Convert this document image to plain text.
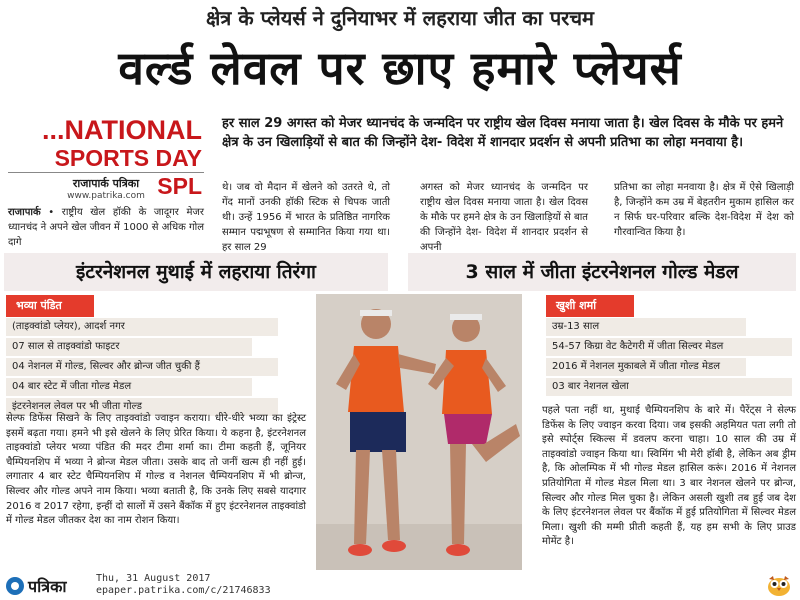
क्षेत्र के प्लेयर्स ने दुनियाभर में लहराया जीत का परचम
वर्ल्ड लेवल पर छाए हमारे प्लेयर्स
...NATIONAL
SPORTS DAY SPL
हर साल 29 अगस्त को मेजर ध्यानचंद के जन्मदिन पर राष्ट्रीय खेल दिवस मनाया जाता है। खेल दिवस के मौके पर हमने क्षेत्र के उन खिलाड़ियों से बात की जिन्होंने देश- विदेश में शानदार प्रदर्शन से अपनी प्रतिभा का लोहा मनवाया है।
राजापार्क पत्रिका
www.patrika.com
राजापार्क • राष्ट्रीय खेल हॉकी के जादूगर मेजर ध्यानचंद ने अपने खेल जीवन में 1000 से अधिक गोल दागे
थे। जब वो मैदान में खेलने को उतरते थे, तो गेंद मानों उनकी हॉकी स्टिक से चिपक जाती थी। उन्हें 1956 में भारत के प्रतिष्ठित नागरिक सम्मान पद्मभूषण से सम्मानित किया गया था। हर साल 29
अगस्त को मेजर ध्यानचंद के जन्मदिन पर राष्ट्रीय खेल दिवस मनाया जाता है। खेल दिवस के मौके पर हमने क्षेत्र के उन खिलाड़ियों से बात की जिन्होंने देश- विदेश में शानदार प्रदर्शन से अपनी
प्रतिभा का लोहा मनवाया है। क्षेत्र में ऐसे खिलाड़ी है, जिन्होंने कम उम्र में बेहतरीन मुकाम हासिल कर न सिर्फ घर-परिवार बल्कि देश-विदेश में देश को गौरवान्वित किया है।
इंटरनेशनल मुथाई में लहराया तिरंगा	3 साल में जीता इंटरनेशनल गोल्ड मेडल
भव्या पंडित	खुशी शर्मा
(ताइक्वांडो प्लेयर), आदर्श नगर
07 साल से ताइक्वांडो फाइटर
04 नेशनल में गोल्ड, सिल्वर और ब्रोन्ज जीत चुकी हैं
04 बार स्टेट में जीता गोल्ड मेडल
इंटरनेशनल लेवल पर भी जीता गोल्ड
उम्र-13 साल
54-57 किग्रा वेट कैटेगरी में जीता सिल्वर मेडल
2016 में नेशनल मुकाबले में जीता गोल्ड मेडल
03 बार नेशनल खेला
सेल्फ डिफेंस सिखने के लिए ताइक्वांडो ज्वाइन कराया। धीरे-धीरे भव्या का इंट्रेस्ट इसमें बढ़ता गया। हमने भी इसे खेलने के लिए प्रेरित किया। ये कहना है, इंटरनेशनल ताइक्वांडो प्लेयर भव्या पंडित की मदर टीमा शर्मा का। टीमा कहती हैं, जूनियर चैम्पियनशिप में भव्या ने ब्रोन्ज मेडल जीता। उसके बाद तो जनीं खत्म ही नहीं हुई। लगातार 4 बार स्टेट चैम्पियनशिप में गोल्ड व नेशनल चैम्पियनशिप में भी ब्रोन्ज, सिल्वर और गोल्ड अपने नाम किया। भव्या बताती है, कि उनके लिए सबसे यादगार 2016 व 2017 रहेगा, इन्हीं दो सालों में उसने बैंकॉक में हुए इंटरनेशनल ताइक्वांडो में गोल्ड मेडल जीतकर देश का नाम रोशन किया।
पहले पता नहीं था, मुथाई चैम्पियनशिप के बारे में। पैरेंट्स ने सेल्फ डिफेंस के लिए ज्वाइन करवा दिया। जब इसकी अहमियत पता लगी तो इसे स्पोर्ट्स स्किल्स में डवलप करना चाहा। 10 साल की उम्र में ताइक्वांडो ज्वाइन किया था। स्विमिंग भी मेरी हॉबी है, लेकिन अब ड्रीम है, कि ओलम्पिक में भी गोल्ड मेडल हासिल करूं। 2016 में नेशनल प्रतियोगिता में गोल्ड मेडल मिला था। 3 बार नेशनल खेलने पर ब्रोन्ज, सिल्वर और गोल्ड मिल चुका है। लेकिन असली खुशी तब हुई जब देश के लिए इंटरनेशनल लेवल पर बैंकॉक में हुई प्रतियोगिता में सिल्वर मेडल मिला। खुशी की मम्मी प्रीती कहती हैं, यह हम सभी के लिए प्राउड मोमेंट है।
पत्रिका	Thu, 31 August 2017
epaper.patrika.com/c/21746833
